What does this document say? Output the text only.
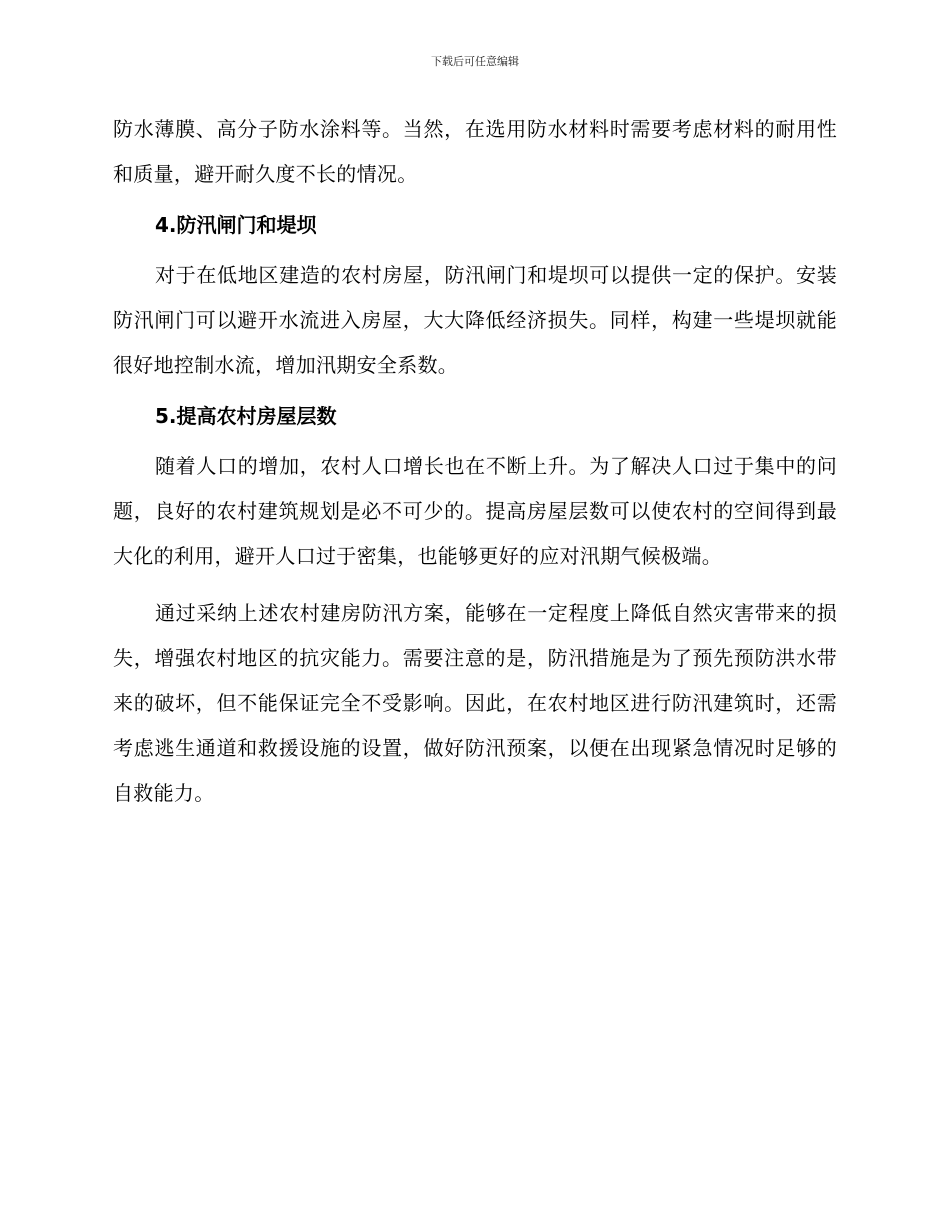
下载后可任意编辑

防水薄膜、高分子防水涂料等。当然，在选用防水材料时需要考虑材料的耐用性和质量，避开耐久度不长的情况。

4.防汛闸门和堤坝

对于在低地区建造的农村房屋，防汛闸门和堤坝可以提供一定的保护。安装防汛闸门可以避开水流进入房屋，大大降低经济损失。同样，构建一些堤坝就能很好地控制水流，增加汛期安全系数。

5.提高农村房屋层数

随着人口的增加，农村人口增长也在不断上升。为了解决人口过于集中的问题，良好的农村建筑规划是必不可少的。提高房屋层数可以使农村的空间得到最大化的利用，避开人口过于密集，也能够更好的应对汛期气候极端。

通过采纳上述农村建房防汛方案，能够在一定程度上降低自然灾害带来的损失，增强农村地区的抗灾能力。需要注意的是，防汛措施是为了预先预防洪水带来的破坏，但不能保证完全不受影响。因此，在农村地区进行防汛建筑时，还需考虑逃生通道和救援设施的设置，做好防汛预案，以便在出现紧急情况时足够的自救能力。
